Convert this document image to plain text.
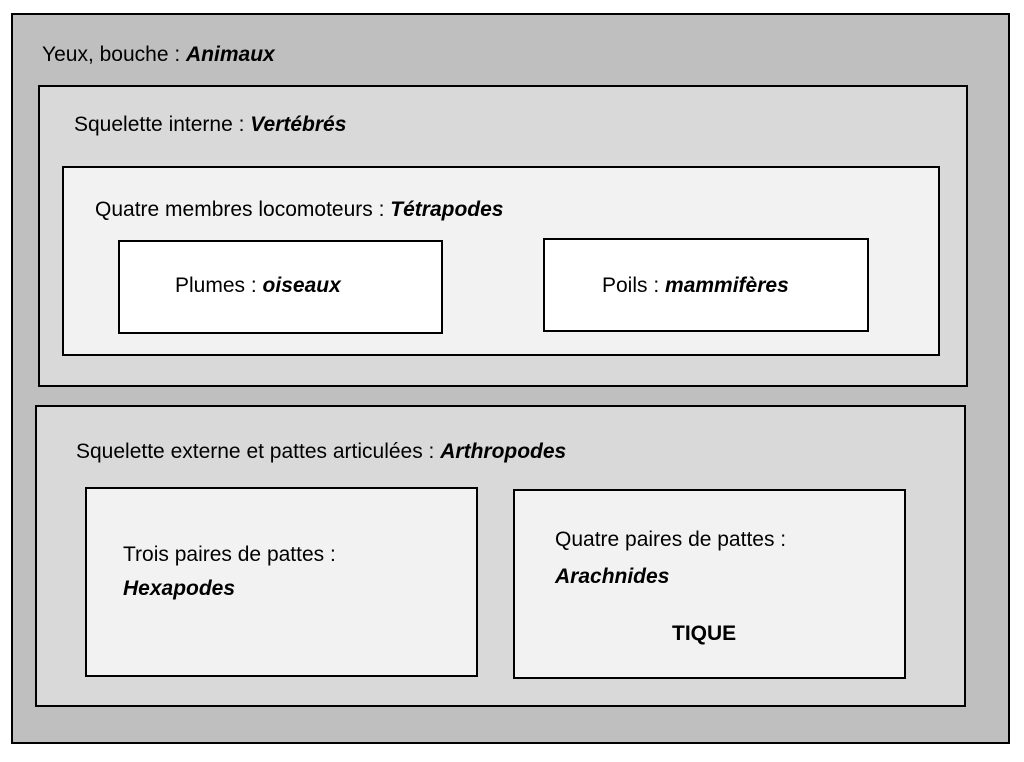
Yeux, bouche : Animaux
Squelette interne : Vertébrés
Quatre membres locomoteurs : Tétrapodes
Plumes : oiseaux	Poils : mammifères
Squelette externe et pattes articulées : Arthropodes
Trois paires de pattes :
Hexapodes
Quatre paires de pattes :
Arachnides
TIQUE
